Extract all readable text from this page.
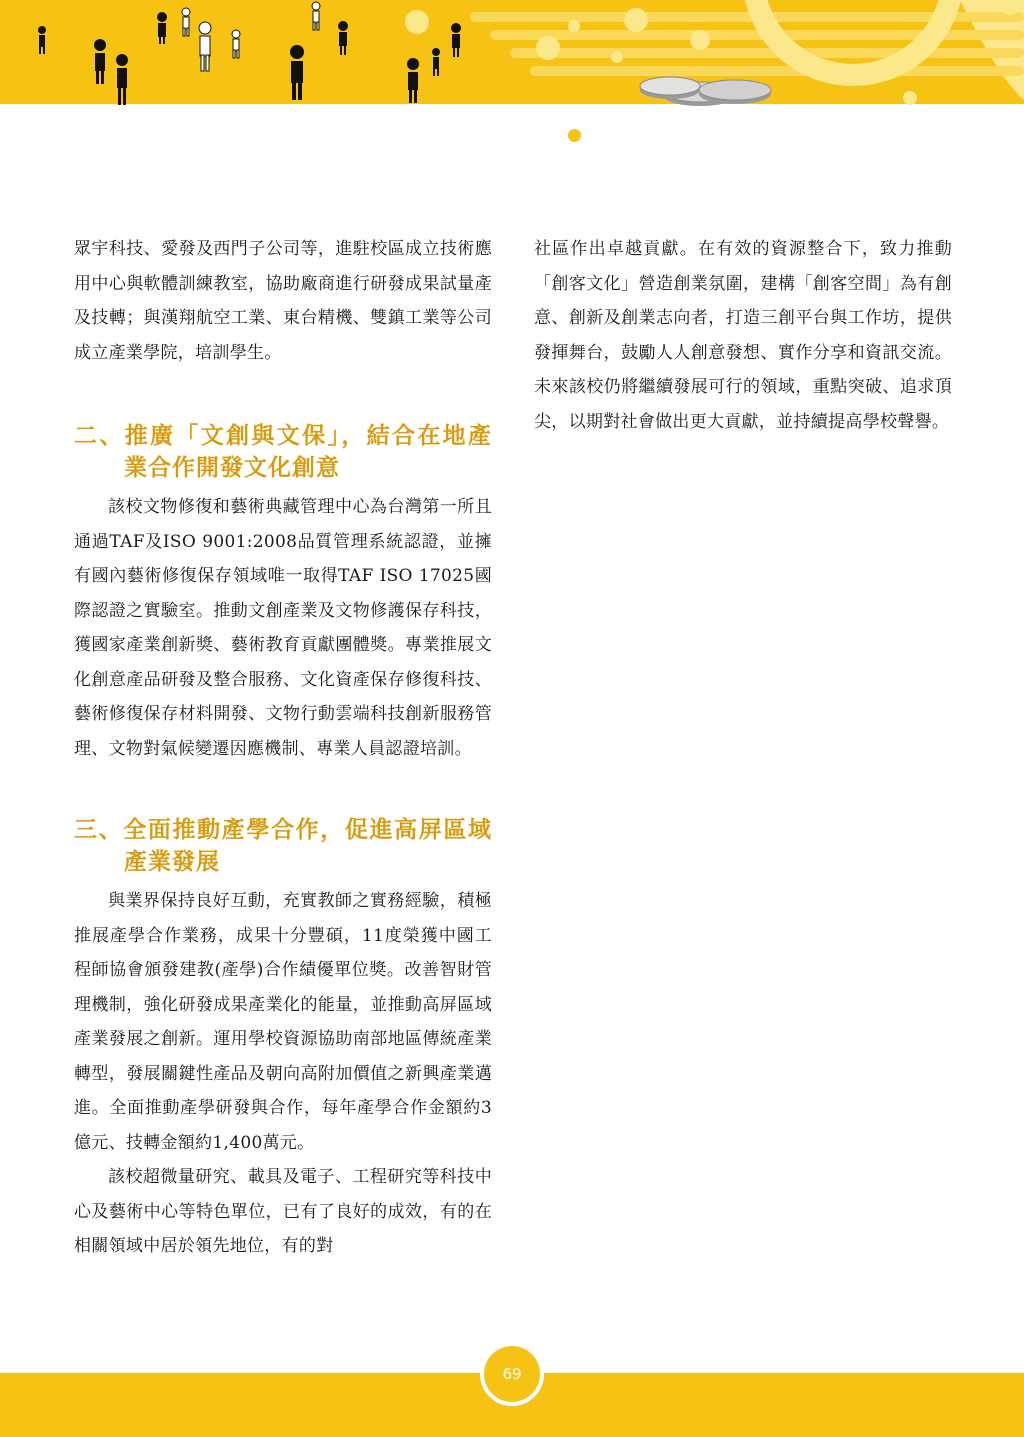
眾宇科技、愛發及西門子公司等，進駐校區成立技術應用中心與軟體訓練教室，協助廠商進行研發成果試量產及技轉；與漢翔航空工業、東台精機、雙鎮工業等公司成立產業學院，培訓學生。

二、推廣「文創與文保」，結合在地產業合作開發文化創意

該校文物修復和藝術典藏管理中心為台灣第一所且通過TAF及ISO 9001:2008品質管理系統認證，並擁有國內藝術修復保存領域唯一取得TAF ISO 17025國際認證之實驗室。推動文創產業及文物修護保存科技，獲國家產業創新獎、藝術教育貢獻團體獎。專業推展文化創意產品研發及整合服務、文化資產保存修復科技、藝術修復保存材料開發、文物行動雲端科技創新服務管理、文物對氣候變遷因應機制、專業人員認證培訓。

三、全面推動產學合作，促進高屏區域產業發展

與業界保持良好互動，充實教師之實務經驗，積極推展產學合作業務，成果十分豐碩，11度榮獲中國工程師協會頒發建教(產學)合作績優單位獎。改善智財管理機制，強化研發成果產業化的能量，並推動高屏區域產業發展之創新。運用學校資源協助南部地區傳統產業轉型，發展關鍵性產品及朝向高附加價值之新興產業邁進。全面推動產學研發與合作，每年產學合作金額約3億元、技轉金額約1,400萬元。

該校超微量研究、載具及電子、工程研究等科技中心及藝術中心等特色單位，已有了良好的成效，有的在相關領域中居於領先地位，有的對

社區作出卓越貢獻。在有效的資源整合下，致力推動「創客文化」營造創業氛圍，建構「創客空間」為有創意、創新及創業志向者，打造三創平台與工作坊，提供發揮舞台，鼓勵人人創意發想、實作分享和資訊交流。未來該校仍將繼續發展可行的領域，重點突破、追求頂尖，以期對社會做出更大貢獻，並持續提高學校聲譽。

69
